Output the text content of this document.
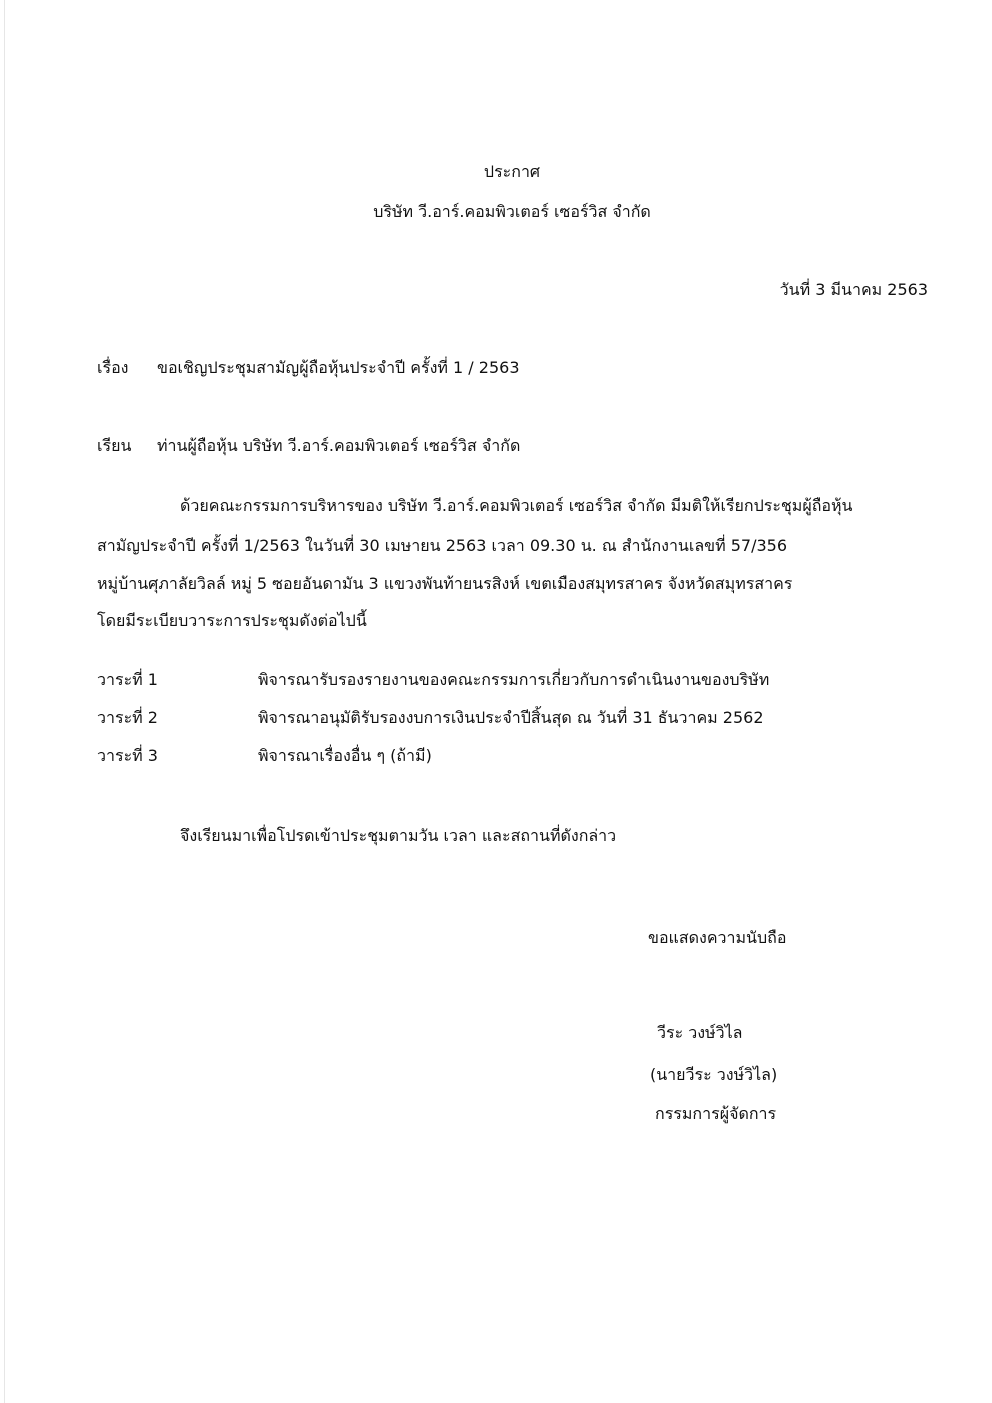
ประกาศ
บริษัท วี.อาร์.คอมพิวเตอร์ เซอร์วิส จำกัด
วันที่ 3 มีนาคม 2563
เรื่อง ขอเชิญประชุมสามัญผู้ถือหุ้นประจำปี ครั้งที่ 1 / 2563
เรียน ท่านผู้ถือหุ้น บริษัท วี.อาร์.คอมพิวเตอร์ เซอร์วิส จำกัด
ด้วยคณะกรรมการบริหารของ บริษัท วี.อาร์.คอมพิวเตอร์ เซอร์วิส จำกัด มีมติให้เรียกประชุมผู้ถือหุ้น
สามัญประจำปี ครั้งที่ 1/2563 ในวันที่ 30 เมษายน 2563 เวลา 09.30 น. ณ สำนักงานเลขที่ 57/356
หมู่บ้านศุภาลัยวิลล์ หมู่ 5 ซอยอันดามัน 3 แขวงพันท้ายนรสิงห์ เขตเมืองสมุทรสาคร จังหวัดสมุทรสาคร
โดยมีระเบียบวาระการประชุมดังต่อไปนี้
วาระที่ 1	พิจารณารับรองรายงานของคณะกรรมการเกี่ยวกับการดำเนินงานของบริษัท
วาระที่ 2	พิจารณาอนุมัติรับรองงบการเงินประจำปีสิ้นสุด ณ วันที่ 31 ธันวาคม 2562
วาระที่ 3	พิจารณาเรื่องอื่น ๆ (ถ้ามี)
จึงเรียนมาเพื่อโปรดเข้าประชุมตามวัน เวลา และสถานที่ดังกล่าว
ขอแสดงความนับถือ
วีระ วงษ์วิไล
(นายวีระ วงษ์วิไล)
กรรมการผู้จัดการ
